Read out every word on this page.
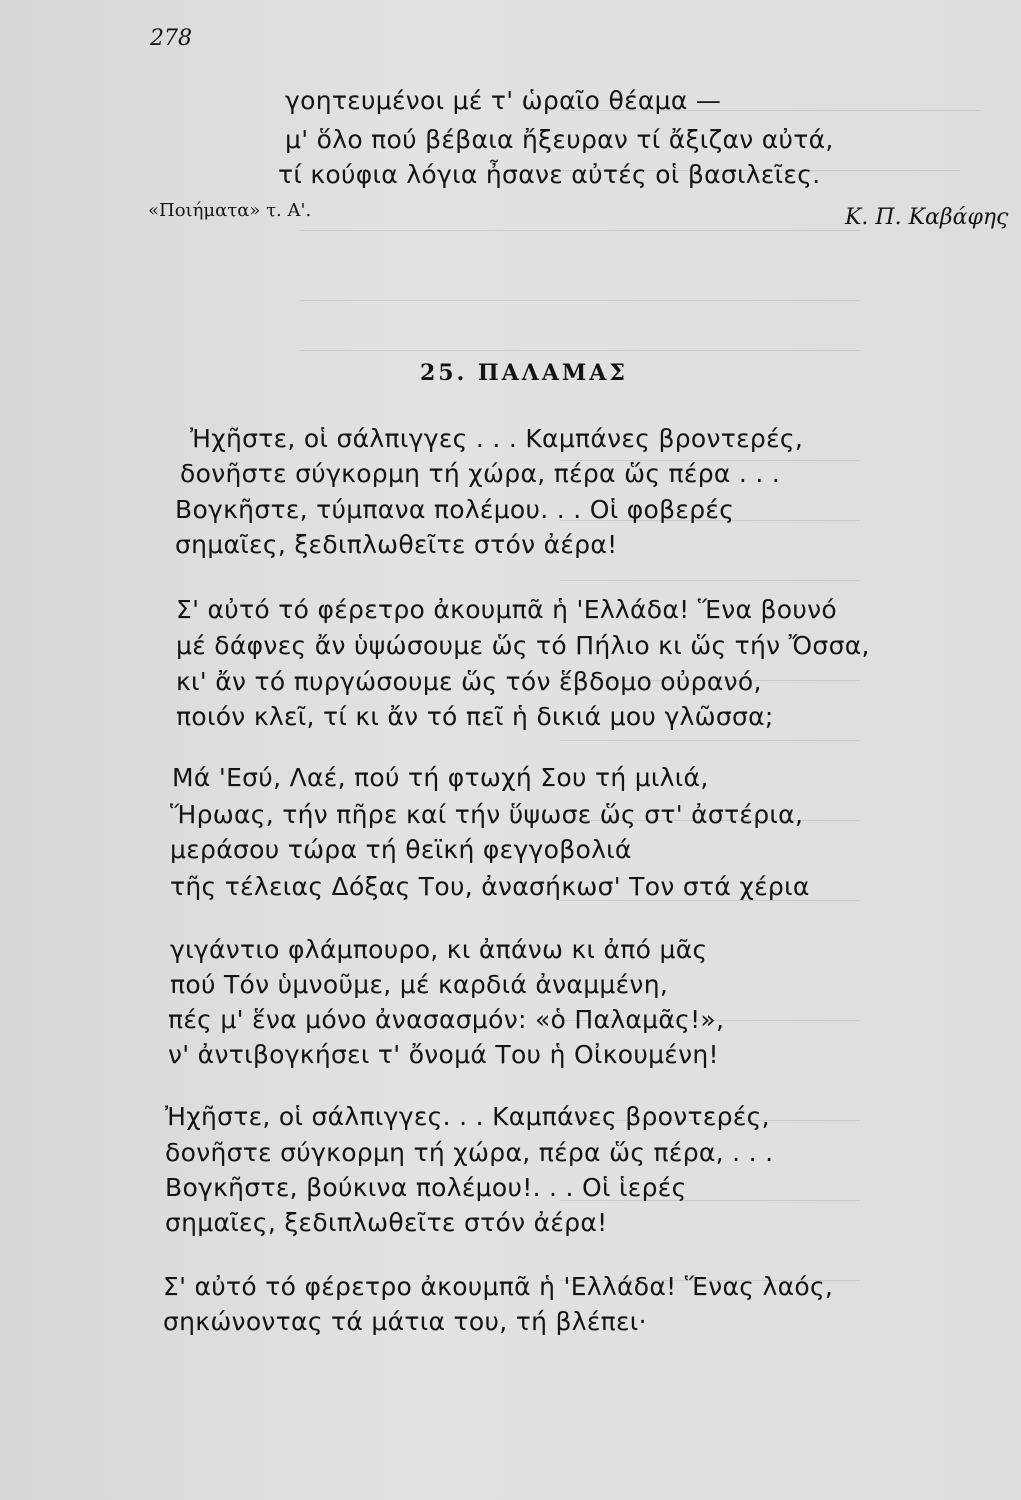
278
γοητευμένοι μέ τ' ὡραῖο θέαμα —
μ' ὅλο πού βέβαια ἤξευραν τί ἄξιζαν αὐτά,
τί κούφια λόγια ἦσανε αὐτές οἱ βασιλεῖες.
«Ποιήματα» τ. Α'.	Κ. Π. Καβάφης
25. ΠΑΛΑΜΑΣ
Ἠχῆστε, οἱ σάλπιγγες . . . Καμπάνες βροντερές,
δονῆστε σύγκορμη τή χώρα, πέρα ὥς πέρα . . .
Βογκῆστε, τύμπανα πολέμου. . . Οἱ φοβερές
σημαῖες, ξεδιπλωθεῖτε στόν ἀέρα!
Σ' αὐτό τό φέρετρο ἀκουμπᾶ ἡ 'Ελλάδα! Ἕνα βουνό
μέ δάφνες ἄν ὑψώσουμε ὥς τό Πήλιο κι ὥς τήν Ὄσσα,
κι' ἄν τό πυργώσουμε ὥς τόν ἕβδομο οὐρανό,
ποιόν κλεῖ, τί κι ἄν τό πεῖ ἡ δικιά μου γλῶσσα;
Μά 'Εσύ, Λαέ, πού τή φτωχή Σου τή μιλιά,
Ἥρωας, τήν πῆρε καί τήν ὕψωσε ὥς στ' ἀστέρια,
μεράσου τώρα τή θεϊκή φεγγοβολιά
τῆς τέλειας Δόξας Του, ἀνασήκωσ' Τον στά χέρια
γιγάντιο φλάμπουρο, κι ἀπάνω κι ἀπό μᾶς
πού Τόν ὑμνοῦμε, μέ καρδιά ἀναμμένη,
πές μ' ἕνα μόνο ἀνασασμόν: «ὁ Παλαμᾶς!»,
ν' ἀντιβογκήσει τ' ὄνομά Του ἡ Οἰκουμένη!
Ἠχῆστε, οἱ σάλπιγγες. . . Καμπάνες βροντερές,
δονῆστε σύγκορμη τή χώρα, πέρα ὥς πέρα, . . .
Βογκῆστε, βούκινα πολέμου!. . . Οἱ ἱερές
σημαῖες, ξεδιπλωθεῖτε στόν ἀέρα!
Σ' αὐτό τό φέρετρο ἀκουμπᾶ ἡ 'Ελλάδα! Ἕνας λαός,
σηκώνοντας τά μάτια του, τή βλέπει·
